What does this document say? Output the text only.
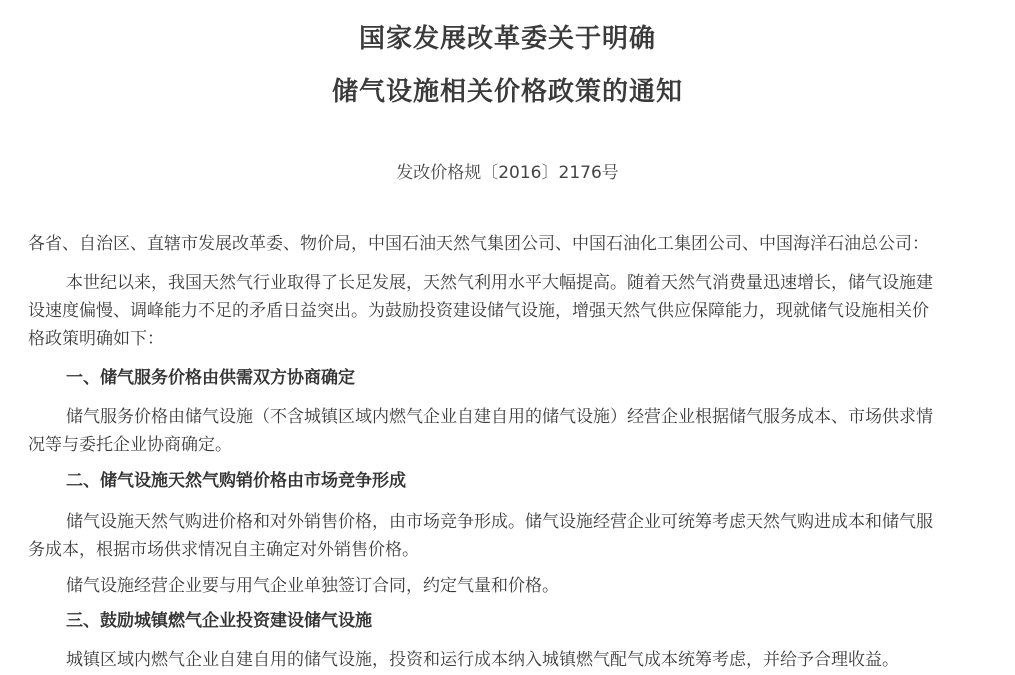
国家发展改革委关于明确
储气设施相关价格政策的通知
发改价格规〔2016〕2176号
各省、自治区、直辖市发展改革委、物价局，中国石油天然气集团公司、中国石油化工集团公司、中国海洋石油总公司：
本世纪以来，我国天然气行业取得了长足发展，天然气利用水平大幅提高。随着天然气消费量迅速增长，储气设施建
设速度偏慢、调峰能力不足的矛盾日益突出。为鼓励投资建设储气设施，增强天然气供应保障能力，现就储气设施相关价
格政策明确如下：
一、储气服务价格由供需双方协商确定
储气服务价格由储气设施（不含城镇区域内燃气企业自建自用的储气设施）经营企业根据储气服务成本、市场供求情
况等与委托企业协商确定。
二、储气设施天然气购销价格由市场竞争形成
储气设施天然气购进价格和对外销售价格，由市场竞争形成。储气设施经营企业可统筹考虑天然气购进成本和储气服
务成本，根据市场供求情况自主确定对外销售价格。
储气设施经营企业要与用气企业单独签订合同，约定气量和价格。
三、鼓励城镇燃气企业投资建设储气设施
城镇区域内燃气企业自建自用的储气设施，投资和运行成本纳入城镇燃气配气成本统筹考虑，并给予合理收益。
